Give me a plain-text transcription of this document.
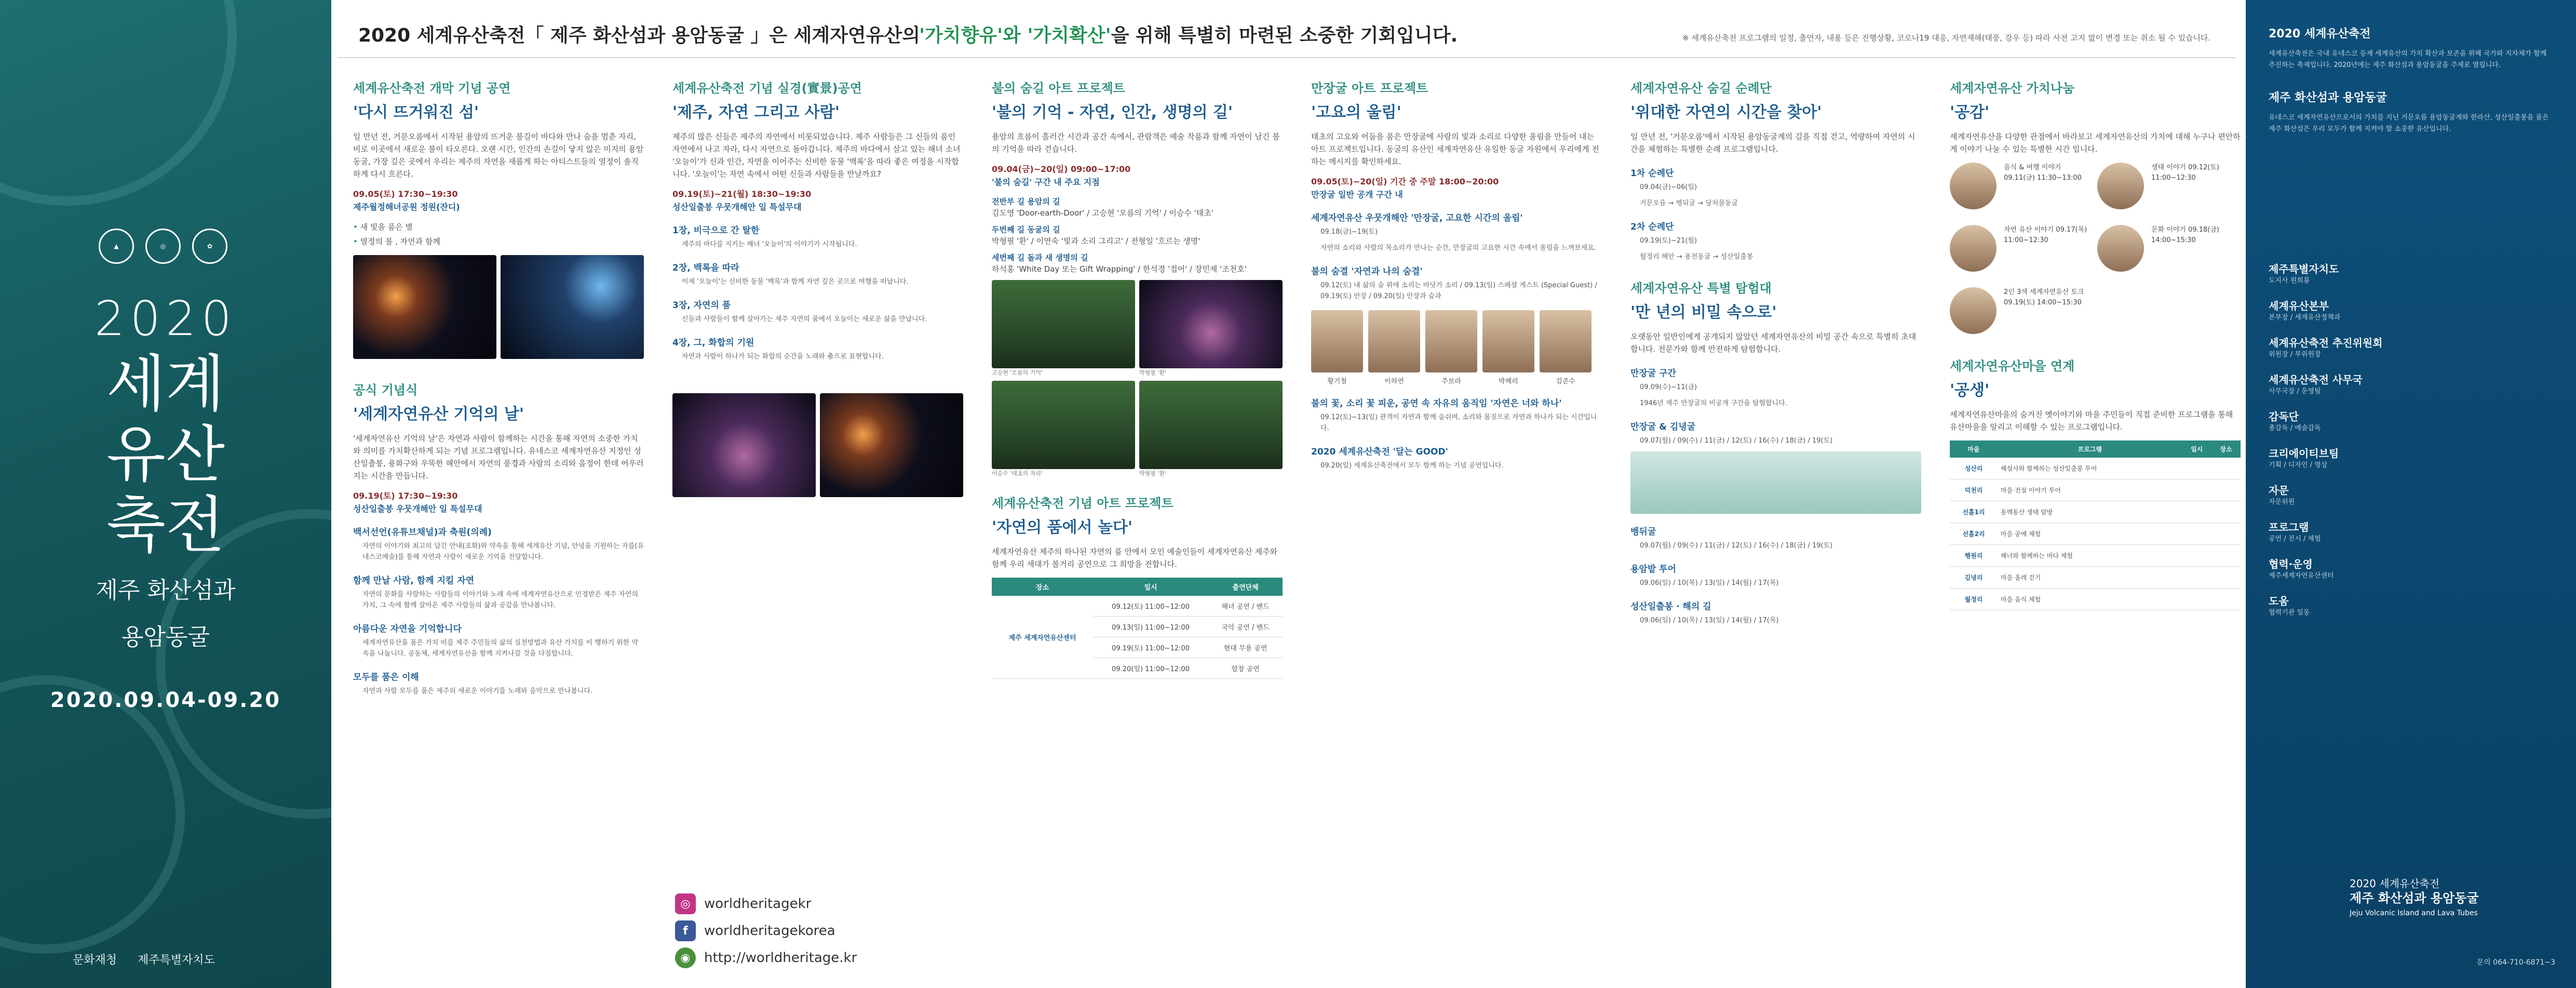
▲	◎	✿
2020
세계
유산
축전
제주 화산섬과
용암동굴
2020.09.04-09.20
문화재청 제주특별자치도
2020 세계유산축전「 제주 화산섬과 용암동굴 」은 세계자연유산의
'가치향유'와 '가치확산'을 위해 특별히 마련된 소중한 기회입니다.	※ 세계유산축전 프로그램의 일정, 출연자, 내용 등은 진행상황, 코로나19 대응, 자연재해(태풍, 강우 등) 따라 사전 고지 없이 변경 또는 취소 될 수 있습니다.

세계유산축전 개막 기념 공연

'다시 뜨거워진 섬'

일 만년 전, 거문오름에서 시작된 용암의 뜨거운 불길이 바다와 만나 숨을 멈춘 자리, 비로 이곳에서 새로운 불이 타오른다. 오랜 시간, 인간의 손길이 닿지 않은 미지의 용암동굴, 가장 깊은 곳에서 우리는 제주의 자연을 새롭게 하는 아티스트들의 열정이 솔직하게 다시 흐른다.

09.05(토) 17:30~19:30

제주월정해녀공원 정원(잔디)

• 새 빛을 품은 별

• 열정의 불 , 자연과 함께

공식 기념식

'세계자연유산 기억의 날'

'세계자연유산 기억의 날'은 자연과 사람이 함께하는 시간을 통해 자연의 소중한 가치와 의미를 가치확산하게 되는 기념 프로그램입니다. 유네스코 세계자연유산 지정인 성산일출봉, 용화구와 우뚝한 해안에서 자연의 풍경과 사람의 소리와 음정이 한데 어우러지는 시간을 만듭니다.

09.19(토) 17:30~19:30

성산일출봉 우뭇개해안 일 특설무대

백서선언(유튜브채널)과 축원(의례)

자연의 이야기와 최고의 담긴 안내(조화)와 약속을 통해 세계유산 기념, 안녕을 기원하는 자를(유네스코예술)를 통해 자연과 사람이 새로운 기억을 전달합니다.

함께 만날 사람, 함께 지킬 자연

자연의 문화를 사람하는 사람들의 이야기와 노래 속에 세계자연유산으로 인정받은 제주 자연의 가치, 그 속에 함께 살아온 제주 사람들의 삶과 공감을 만나봅니다.

아름다운 자연을 기억합니다

세계자연유산을 품은 가치 비를 제주 주민들의 삶의 실천방법과 유산 가치를 이 행하기 위한 약속을 나눕니다. 공동체, 세계자연유산을 함께 지켜나갈 것을 다짐합니다.

모두를 품은 이해

자연과 사람 모두를 품은 제주의 새로운 이야기를 노래와 음악으로 만나봅니다.

세계유산축전 기념 실경(實景)공연

'제주, 자연 그리고 사람'

제주의 많은 신들은 제주의 자연에서 비롯되었습니다. 제주 사람들은 그 신들의 품인 자연에서 나고 자라, 다시 자연으로 돌아갑니다. 제주의 바다에서 살고 있는 해녀 소녀 '오늘이'가 신과 인간, 자연을 이어주는 신비한 동물 '백록'을 따라 좋은 여정을 시작합니다. '오늘이'는 자연 속에서 어떤 신들과 사람들을 만날까요?

09.19(토)~21(월) 18:30~19:30

성산일출봉 우뭇개해안 일 특설무대

1장, 비극으로 간 탈한

제주의 바다를 지키는 해녀 '오늘이'의 이야기가 시작됩니다.

2장, 백록을 따라

이제 '오늘이'는 신비한 동물 '백록'과 함께 자연 깊은 곳으로 여행을 떠납니다.

3장, 자연의 품

신들과 사람들이 함께 살아가는 제주 자연의 품에서 오늘이는 새로운 삶을 만납니다.

4장, 그, 화합의 기원

자연과 사람이 하나가 되는 화합의 순간을 노래와 춤으로 표현합니다.

불의 숨길 아트 프로젝트

'불의 기억 - 자연, 인간, 생명의 길'

용암의 흐름이 흘러간 시간과 공간 속에서, 관람객은 예술 작품과 함께 자연이 남긴 불의 기억을 따라 걷습니다.

09.04(금)~20(일) 09:00~17:00

'불의 숨길' 구간 내 주요 지점

전반부 길 용암의 길
김도영 'Door-earth-Door' / 고승현 '오름의 기억' / 이승수 '태초'

두번째 길 동굴의 길
박형필 '환' / 이연숙 '빛과 소리 그리고' / 전형일 '흐르는 생명'

세번째 길 돌과 새 생명의 길
하석홍 'White Day 또는 Gift Wrapping' / 한석경 '접어' / 장민제 '조천호'

고승현 '오름의 기억'	박형필 '환'
이승수 '태초의 자리'	박형필 '환'

세계유산축전 기념 아트 프로젝트

'자연의 품에서 놀다'

세계자연유산 제주의 하나된 자연의 품 안에서 모인 예술인들이 세계자연유산 제주와 함께 우리 세대가 볼거리 공연으로 그 희망을 전합니다.

장소	일시	출연단체
제주 세계자연유산센터	09.12(토) 11:00~12:00	해녀 공연 / 밴드
	09.13(일) 11:00~12:00	국악 공연 / 밴드
	09.19(토) 11:00~12:00	현대 무용 공연
	09.20(일) 11:00~12:00	합창 공연
◎	worldheritagekr
f	worldheritagekorea
◉	http://worldheritage.kr

만장굴 아트 프로젝트

'고요의 울림'

태초의 고요와 어둠을 품은 만장굴에 사람의 빛과 소리로 다양한 울림을 만들어 내는 아트 프로젝트입니다. 동굴의 유산인 세계자연유산 유일한 동굴 자원에서 우리에게 전하는 메시지를 확인하세요.

09.05(토)~20(일) 기간 중 주말 18:00~20:00

만장굴 일반 공개 구간 내

세계자연유산 우뭇개해안 '만장굴, 고요한 시간의 울림'

09.18(금)~19(토)

자연의 소리와 사람의 목소리가 만나는 순간, 만장굴의 고요한 시간 속에서 울림을 느껴보세요.

불의 숨결 '자연과 나의 숨결'

09.12(토) 내 삶의 숨 위에 소리는 바닷가 소리 / 09.13(일) 스페셜 게스트 (Special Guest) / 09.19(토) 안장 / 09.20(일) 안장과 숨과

황기철	이하연	주보라	박혜리	김준수

불의 꽃, 소리 꽃 피운, 공연 속 자유의 움직임 '자연은 너와 하나'

09.12(토)~13(일) 관객이 자연과 함께 숨쉬며, 소리와 몸짓으로 자연과 하나가 되는 시간입니다.

2020 세계유산축전 '달는 GOOD'

09.20(일) 세계유산축전에서 모두 함께 하는 기념 공연입니다.

세계자연유산 숨길 순례단

'위대한 자연의 시간을 찾아'

일 만년 전, '거문오름'에서 시작된 용암동굴계의 길을 직접 걷고, 역량하여 자연의 시간을 체험하는 특별한 순례 프로그램입니다.

1차 순례단

09.04(금)~06(일)

거문오름 → 벵뒤굴 → 당처물동굴

2차 순례단

09.19(토)~21(월)

월정리 해안 → 용천동굴 → 성산일출봉

세계자연유산 특별 탐험대

'만 년의 비밀 속으로'

오랫동안 일반인에게 공개되지 않았던 세계자연유산의 비밀 공간 속으로 특별히 초대합니다. 전문가와 함께 안전하게 탐험합니다.

만장굴 구간

09.09(수)~11(금)

1946년 제주 만장굴의 비공개 구간을 탐험합니다.

만장굴 & 김녕굴

09.07(월) / 09(수) / 11(금) / 12(토) / 16(수) / 18(금) / 19(토)

벵뒤굴

09.07(월) / 09(수) / 11(금) / 12(토) / 16(수) / 18(금) / 19(토)

용암밭 투어

09.06(일) / 10(목) / 13(일) / 14(월) / 17(목)

성산일출봉 · 해의 길

09.06(일) / 10(목) / 13(일) / 14(월) / 17(목)

세계자연유산 가치나눔

'공감'

세계자연유산을 다양한 관점에서 바라보고 세계자연유산의 가치에 대해 누구나 편안하게 이야기 나눌 수 있는 특별한 시간 입니다.

음식 & 여행 이야기 09.11(금) 11:30~13:00
생태 이야기 09.12(토) 11:00~12:30
자연 유산 이야기 09.17(목) 11:00~12:30
문화 이야기 09.18(금) 14:00~15:30
2인 3색 세계자연유산 토크 09.19(토) 14:00~15:30

세계자연유산마을 연계

'공생'

세계자연유산마을의 숨겨진 옛이야기와 마을 주민들이 직접 준비한 프로그램을 통해 유산마을을 알리고 이해할 수 있는 프로그램입니다.

마을	프로그램	일시	장소
성산리	해설사와 함께하는 성산일출봉 투어		
덕천리	마을 전설 이야기 투어		
선흘1리	동백동산 생태 탐방		
선흘2리	마을 공예 체험		
행원리	해녀와 함께하는 바다 체험		
김녕리	마을 올레 걷기		
월정리	마을 음식 체험		

2020 세계유산축전

세계유산축전은 국내 유네스코 등재 세계유산의 가치 확산과 보존을 위해 국가와 지자체가 함께 추진하는 축제입니다. 2020년에는 제주 화산섬과 용암동굴을 주제로 열립니다.

제주 화산섬과 용암동굴

유네스코 세계자연유산으로서의 가치를 지닌 거문오름 용암동굴계와 한라산, 성산일출봉을 품은 제주 화산섬은 우리 모두가 함께 지켜야 할 소중한 유산입니다.

제주특별자치도
도지사 원희룡
세계유산본부
본부장 / 세계유산정책과
세계유산축전 추진위원회
위원장 / 부위원장
세계유산축전 사무국
사무국장 / 운영팀
감독단
총감독 / 예술감독
크리에이티브팀
기획 / 디자인 / 영상
자문
자문위원
프로그램
공연 / 전시 / 체험
협력·운영
제주세계자연유산센터
도움
협력기관 일동
2020 세계유산축전
제주 화산섬과 용암동굴
Jeju Volcanic Island and Lava Tubes
문의 064-710-6871~3
